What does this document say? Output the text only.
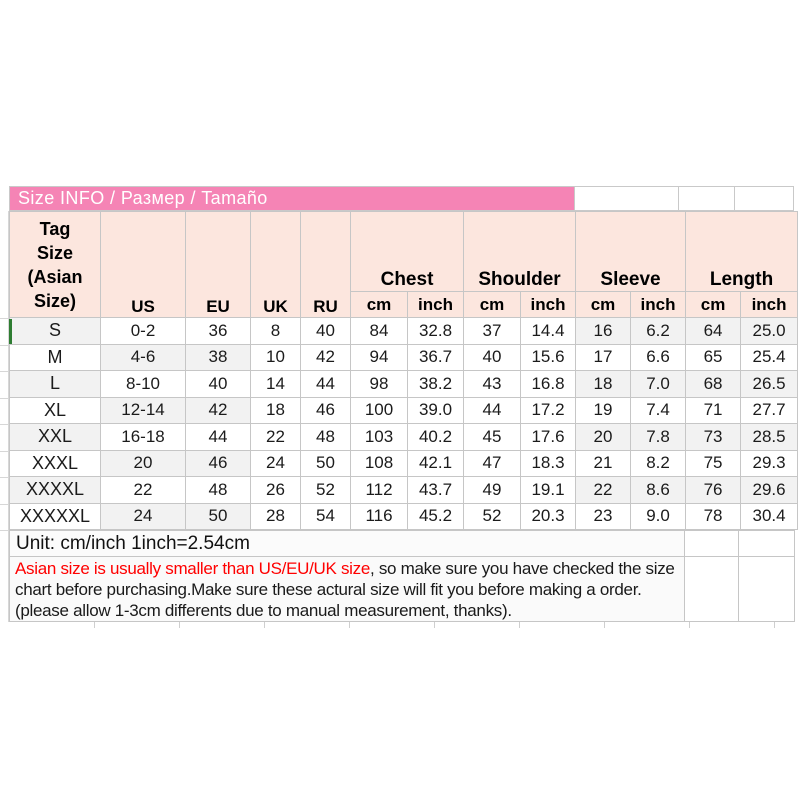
Size INFO / Размер / Tamaño
Tag
Size
(Asian
Size)	US	EU	UK	RU	Chest		Shoulder		Sleeve		Length	
					cm	inch	cm	inch	cm	inch	cm	inch
S	0-2	36	8	40	84	32.8	37	14.4	16	6.2	64	25.0
M	4-6	38	10	42	94	36.7	40	15.6	17	6.6	65	25.4
L	8-10	40	14	44	98	38.2	43	16.8	18	7.0	68	26.5
XL	12-14	42	18	46	100	39.0	44	17.2	19	7.4	71	27.7
XXL	16-18	44	22	48	103	40.2	45	17.6	20	7.8	73	28.5
XXXL	20	46	24	50	108	42.1	47	18.3	21	8.2	75	29.3
XXXXL	22	48	26	52	112	43.7	49	19.1	22	8.6	76	29.6
XXXXXL	24	50	28	54	116	45.2	52	20.3	23	9.0	78	30.4
Unit: cm/inch 1inch=2.54cm
Asian size is usually smaller than US/EU/UK size, so make sure you have checked the size chart before purchasing.Make sure these actural size will fit you before making a order.(please allow 1-3cm differents due to manual measurement, thanks).
